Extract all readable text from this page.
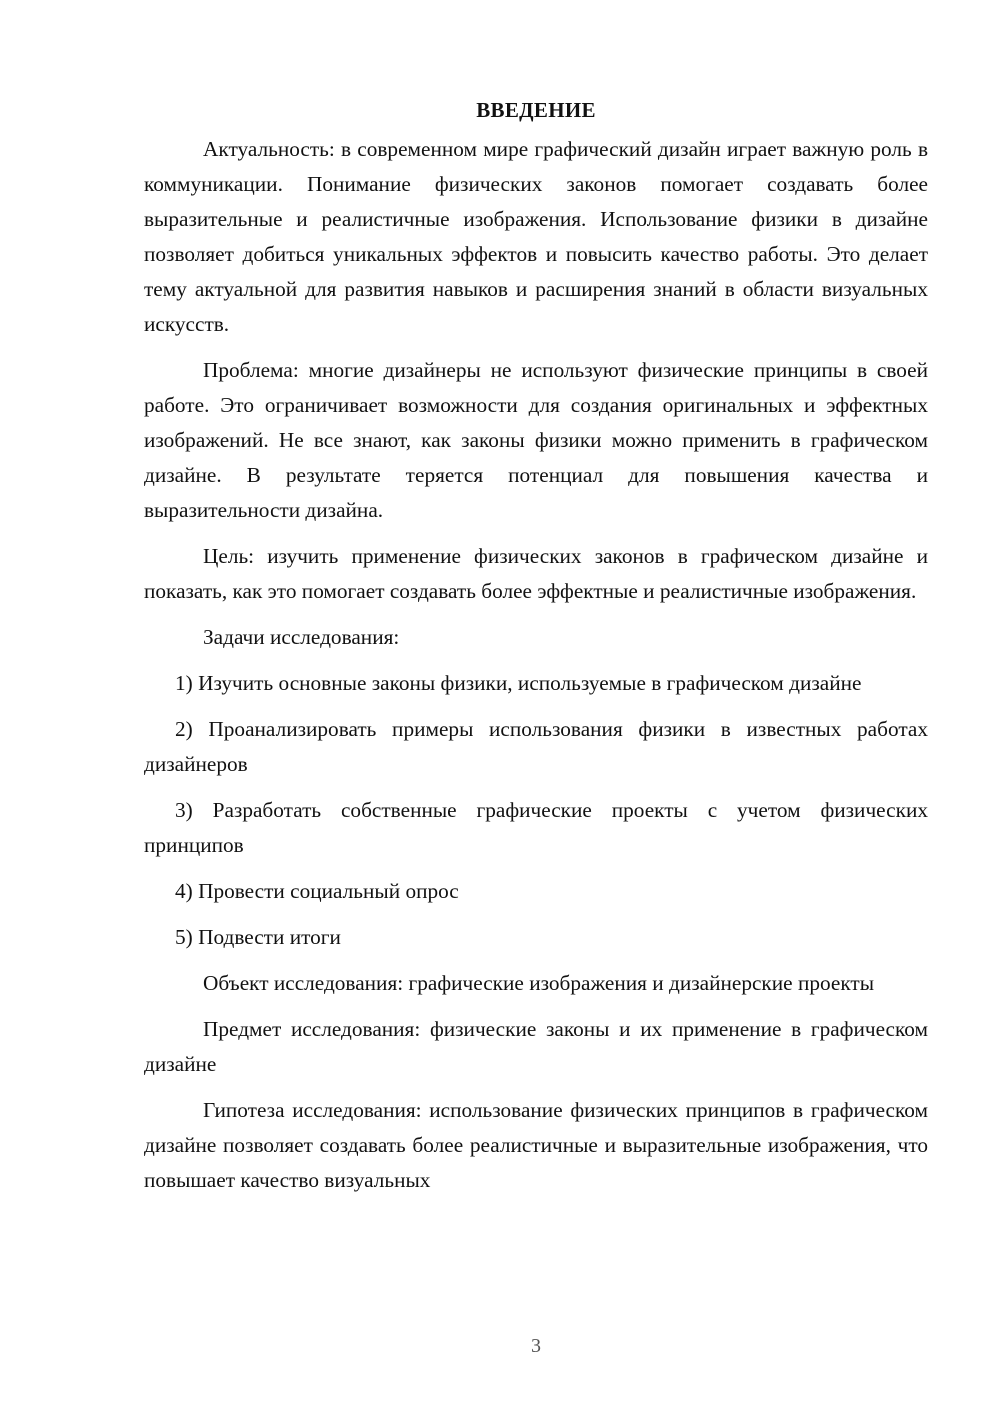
ВВЕДЕНИЕ

Актуальность: в современном мире графический дизайн играет важную роль в коммуникации. Понимание физических законов помогает создавать более выразительные и реалистичные изображения. Использование физики в дизайне позволяет добиться уникальных эффектов и повысить качество работы. Это делает тему актуальной для развития навыков и расширения знаний в области визуальных искусств.

Проблема: многие дизайнеры не используют физические принципы в своей работе. Это ограничивает возможности для создания оригинальных и эффектных изображений. Не все знают, как законы физики можно применить в графическом дизайне. В результате теряется потенциал для повышения качества и выразительности дизайна.

Цель: изучить применение физических законов в графическом дизайне и показать, как это помогает создавать более эффектные и реалистичные изображения.

Задачи исследования:

1) Изучить основные законы физики, используемые в графическом дизайне

2) Проанализировать примеры использования физики в известных работах дизайнеров

3) Разработать собственные графические проекты с учетом физических принципов

4) Провести социальный опрос

5) Подвести итоги

Объект исследования: графические изображения и дизайнерские проекты

Предмет исследования: физические законы и их применение в графическом дизайне

Гипотеза исследования: использование физических принципов в графическом дизайне позволяет создавать более реалистичные и выразительные изображения, что повышает качество визуальных

3
